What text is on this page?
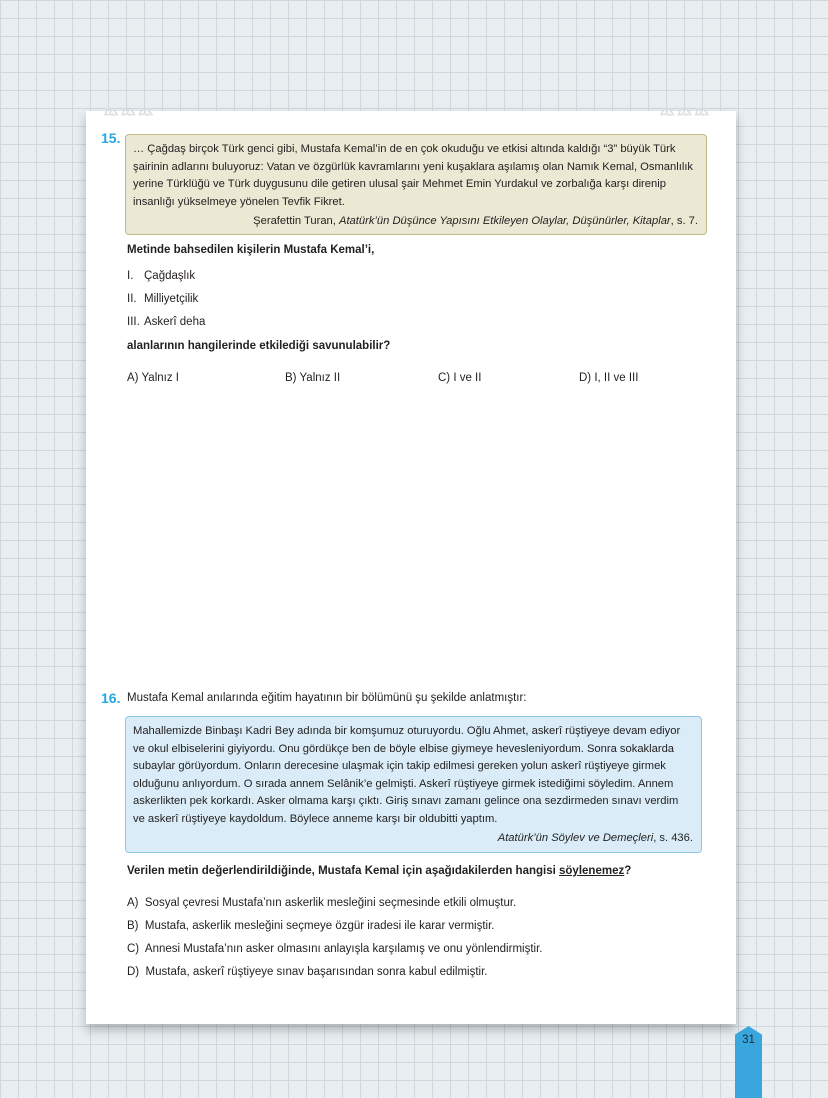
𝄉𝄉𝄉	𝄉𝄉𝄉
15.

… Çağdaş birçok Türk genci gibi, Mustafa Kemal’in de en çok okuduğu ve etkisi altında kaldığı “3” büyük Türk şairinin adlarını buluyoruz: Vatan ve özgürlük kavramlarını yeni kuşaklara aşılamış olan Namık Kemal, Osmanlılık yerine Türklüğü ve Türk duygusunu dile getiren ulusal şair Mehmet Emin Yurdakul ve zorbalığa karşı direnip insanlığı yükselmeye yönelen Tevfik Fikret.

Şerafettin Turan, Atatürk’ün Düşünce Yapısını Etkileyen Olaylar, Düşünürler, Kitaplar, s. 7.

Metinde bahsedilen kişilerin Mustafa Kemal’i,
I. Çağdaşlık
II. Milliyetçilik
III. Askerî deha
alanlarının hangilerinde etkilediği savunulabilir?
A) Yalnız I	B) Yalnız II	C) I ve II	D) I, II ve III
16. Mustafa Kemal anılarında eğitim hayatının bir bölümünü şu şekilde anlatmıştır:

Mahallemizde Binbaşı Kadri Bey adında bir komşumuz oturuyordu. Oğlu Ahmet, askerî rüştiyeye devam ediyor ve okul elbiselerini giyiyordu. Onu gördükçe ben de böyle elbise giymeye hevesleniyordum. Sonra sokaklarda subaylar görüyordum. Onların derecesine ulaşmak için takip edilmesi gereken yolun askerî rüştiyeye girmek olduğunu anlıyordum. O sırada annem Selânik’e gelmişti. Askerî rüştiyeye girmek istediğimi söyledim. Annem askerlikten pek korkardı. Asker olmama karşı çıktı. Giriş sınavı zamanı gelince ona sezdirmeden sınavı verdim ve askerî rüştiyeye kaydoldum. Böylece anneme karşı bir oldubitti yaptım.

Atatürk’ün Söylev ve Demeçleri, s. 436.

Verilen metin değerlendirildiğinde, Mustafa Kemal için aşağıdakilerden hangisi söylenemez?
A) Sosyal çevresi Mustafa’nın askerlik mesleğini seçmesinde etkili olmuştur.
B) Mustafa, askerlik mesleğini seçmeye özgür iradesi ile karar vermiştir.
C) Annesi Mustafa’nın asker olmasını anlayışla karşılamış ve onu yönlendirmiştir.
D) Mustafa, askerî rüştiyeye sınav başarısından sonra kabul edilmiştir.
31
